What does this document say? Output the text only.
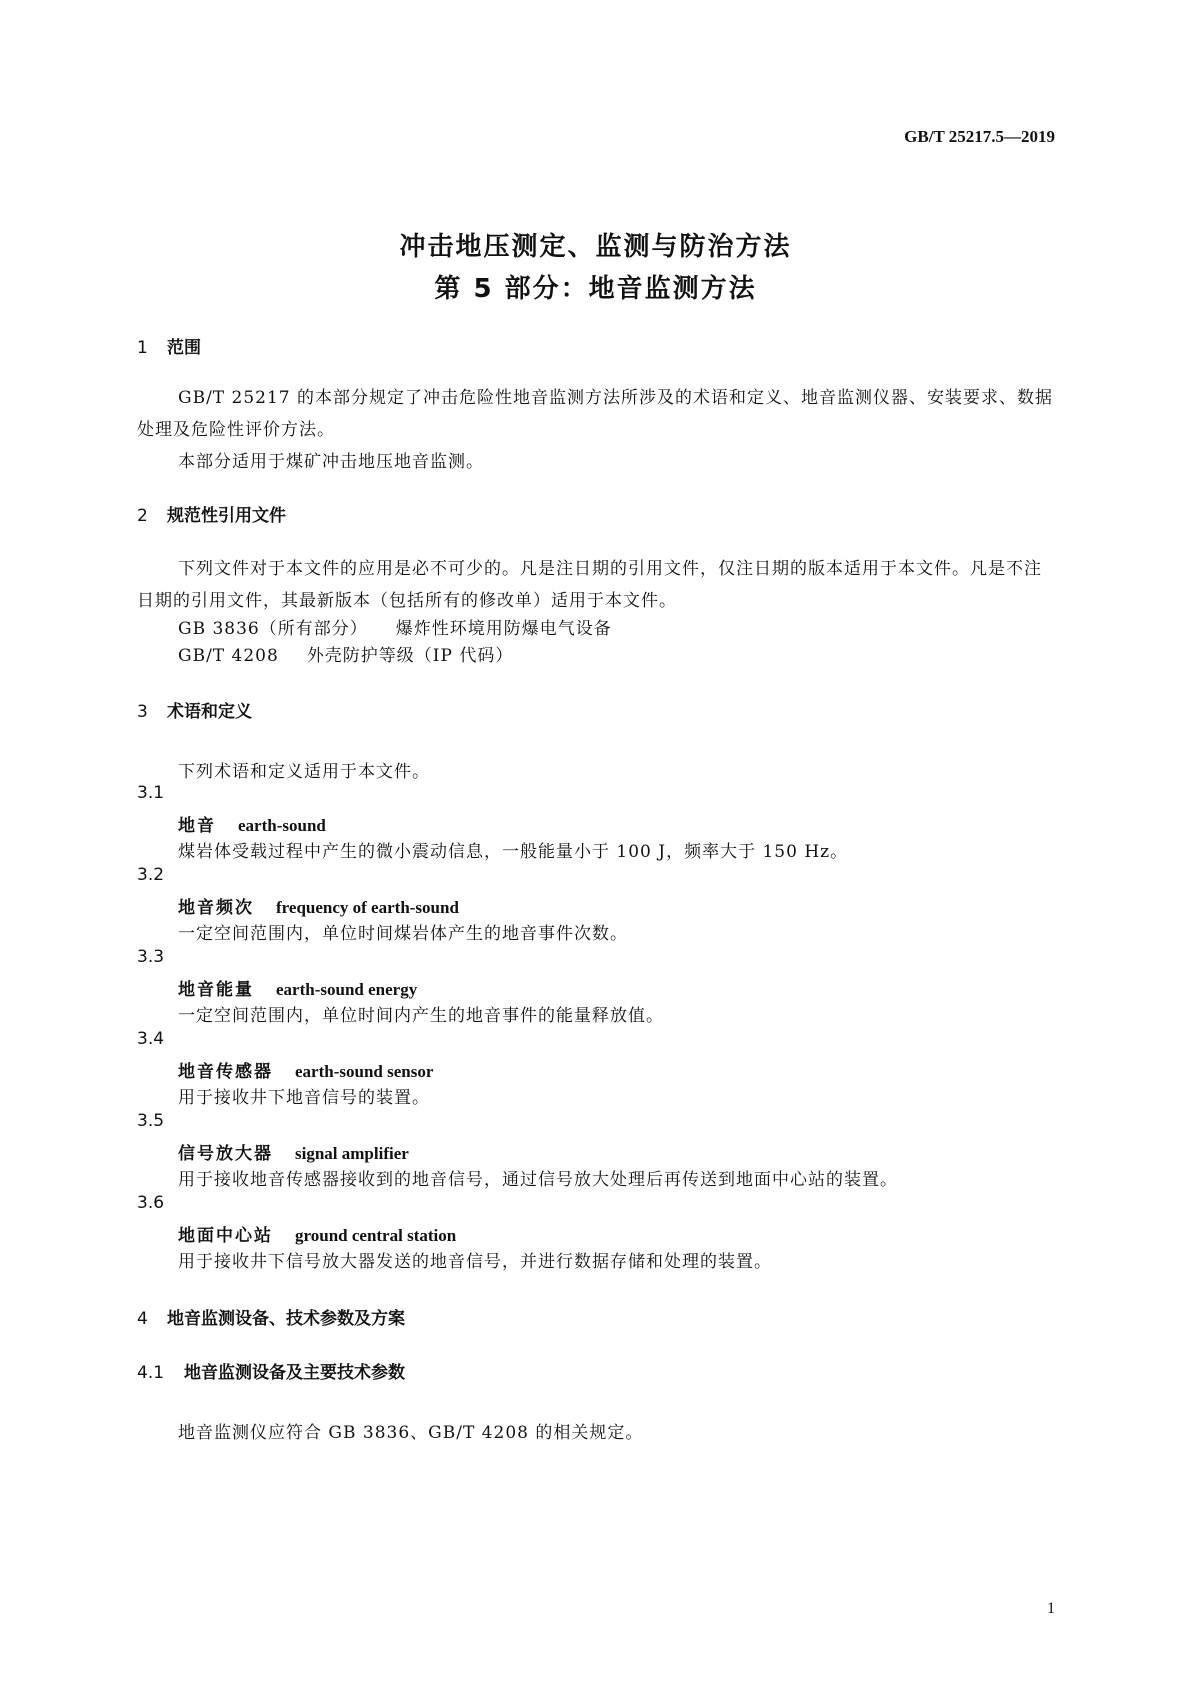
GB/T 25217.5—2019
冲击地压测定、监测与防治方法
第 5 部分：地音监测方法
1 范围
GB/T 25217 的本部分规定了冲击危险性地音监测方法所涉及的术语和定义、地音监测仪器、安装要求、数据处理及危险性评价方法。
本部分适用于煤矿冲击地压地音监测。
2 规范性引用文件
下列文件对于本文件的应用是必不可少的。凡是注日期的引用文件，仅注日期的版本适用于本文件。凡是不注日期的引用文件，其最新版本（包括所有的修改单）适用于本文件。
GB 3836（所有部分） 爆炸性环境用防爆电气设备
GB/T 4208 外壳防护等级（IP 代码）
3 术语和定义
下列术语和定义适用于本文件。
3.1
地音 earth-sound
煤岩体受载过程中产生的微小震动信息，一般能量小于 100 J，频率大于 150 Hz。
3.2
地音频次 frequency of earth-sound
一定空间范围内，单位时间煤岩体产生的地音事件次数。
3.3
地音能量 earth-sound energy
一定空间范围内，单位时间内产生的地音事件的能量释放值。
3.4
地音传感器 earth-sound sensor
用于接收井下地音信号的装置。
3.5
信号放大器 signal amplifier
用于接收地音传感器接收到的地音信号，通过信号放大处理后再传送到地面中心站的装置。
3.6
地面中心站 ground central station
用于接收井下信号放大器发送的地音信号，并进行数据存储和处理的装置。
4 地音监测设备、技术参数及方案
4.1 地音监测设备及主要技术参数
地音监测仪应符合 GB 3836、GB/T 4208 的相关规定。
1
